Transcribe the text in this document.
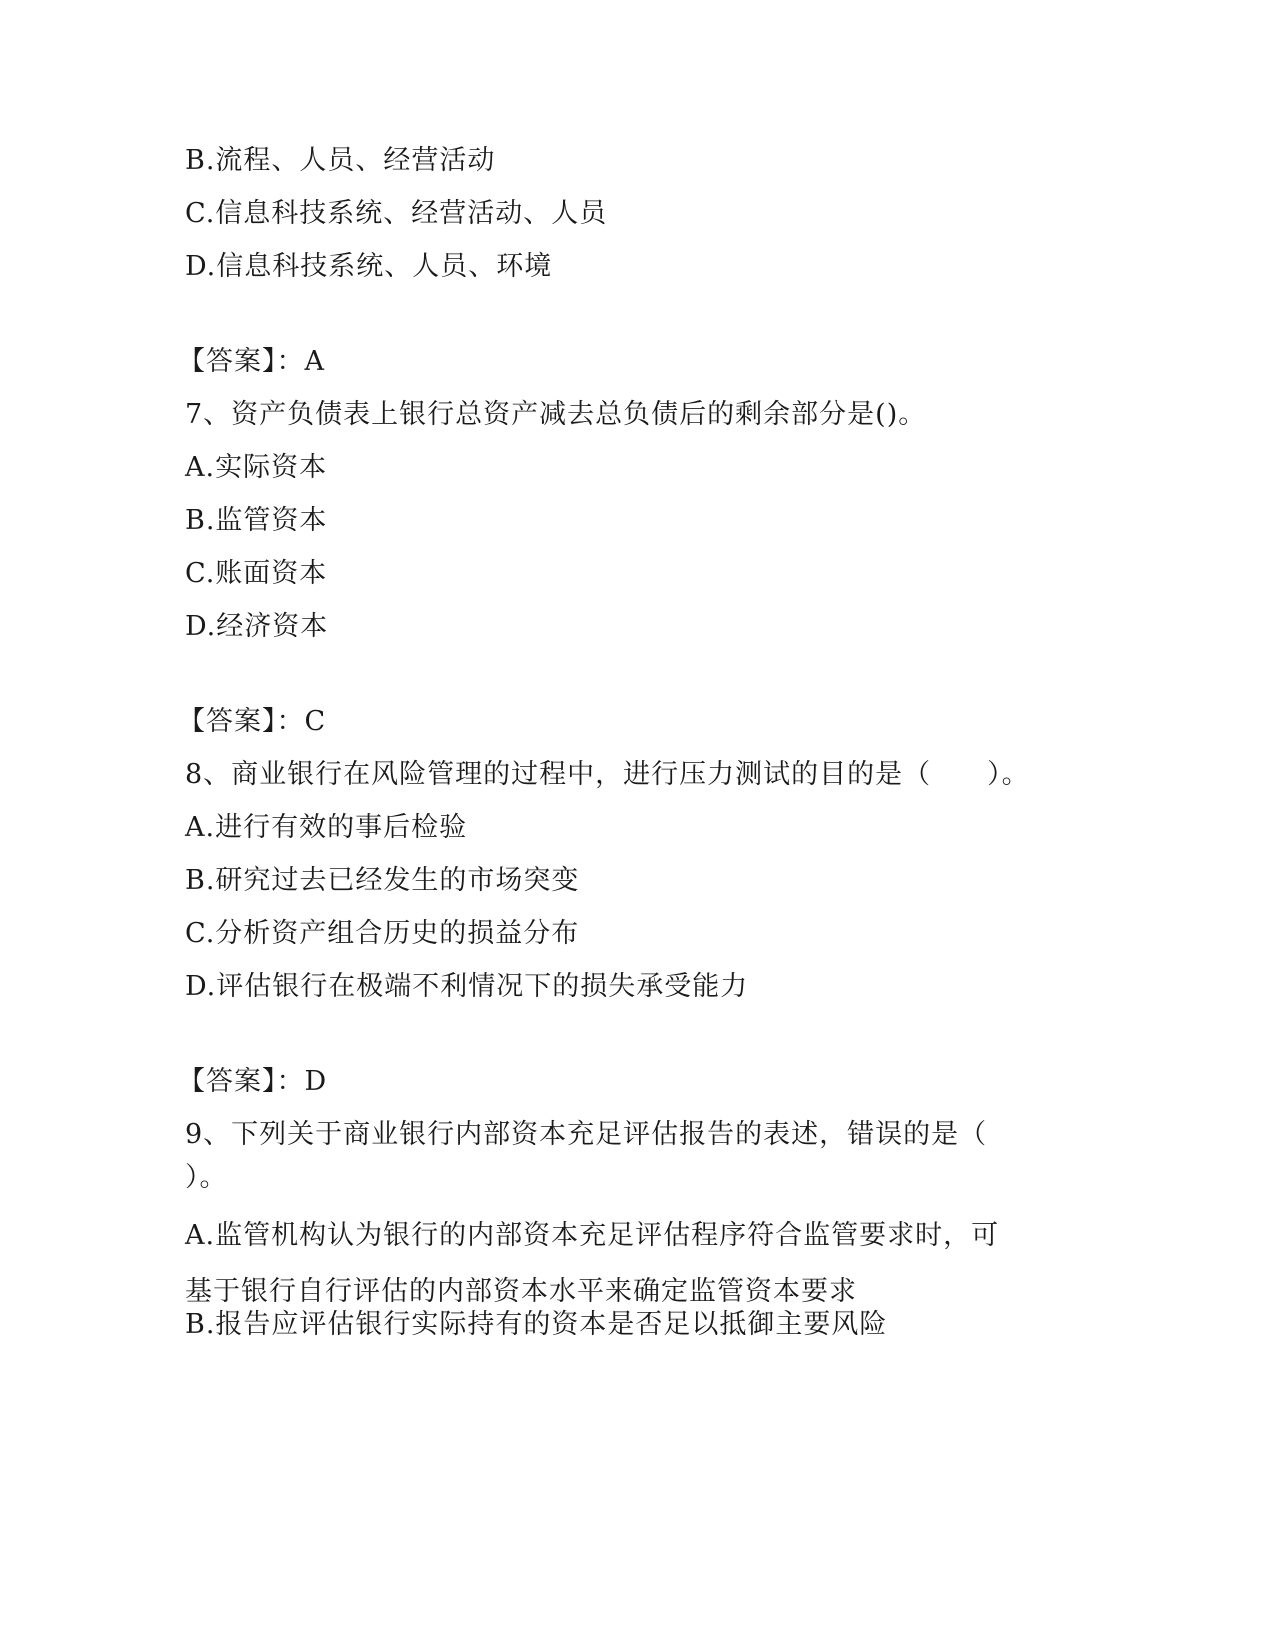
B.流程、人员、经营活动
C.信息科技系统、经营活动、人员
D.信息科技系统、人员、环境
【答案】：A
7、资产负债表上银行总资产减去总负债后的剩余部分是()。
A.实际资本
B.监管资本
C.账面资本
D.经济资本
【答案】：C
8、商业银行在风险管理的过程中，进行压力测试的目的是（　　）。
A.进行有效的事后检验
B.研究过去已经发生的市场突变
C.分析资产组合历史的损益分布
D.评估银行在极端不利情况下的损失承受能力
【答案】：D
9、下列关于商业银行内部资本充足评估报告的表述，错误的是（
）。
A.监管机构认为银行的内部资本充足评估程序符合监管要求时，可基于银行自行评估的内部资本水平来确定监管资本要求
B.报告应评估银行实际持有的资本是否足以抵御主要风险
